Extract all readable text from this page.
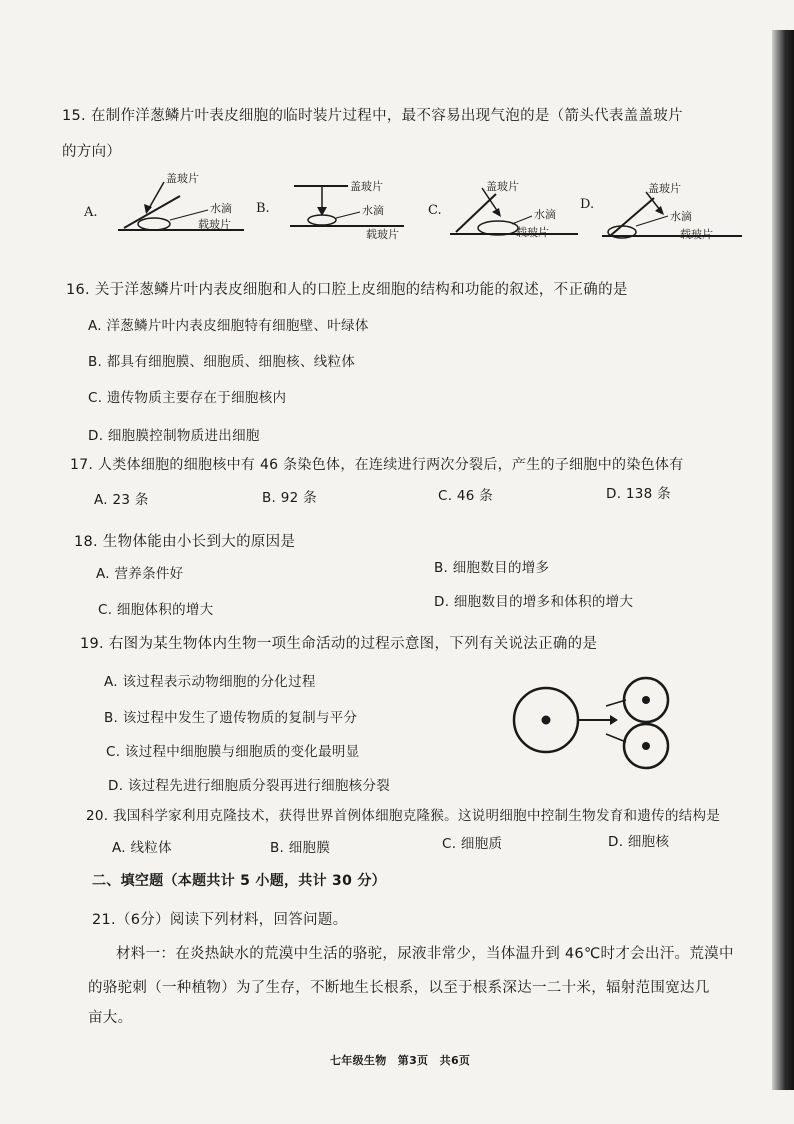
15. 在制作洋葱鳞片叶表皮细胞的临时装片过程中，最不容易出现气泡的是（箭头代表盖盖玻片
的方向）
A.
盖玻片
水滴
载玻片
B.
盖玻片
水滴
载玻片
C.
盖玻片
水滴
载玻片
D.
盖玻片
水滴
载玻片
16. 关于洋葱鳞片叶内表皮细胞和人的口腔上皮细胞的结构和功能的叙述，不正确的是
A. 洋葱鳞片叶内表皮细胞特有细胞壁、叶绿体
B. 都具有细胞膜、细胞质、细胞核、线粒体
C. 遗传物质主要存在于细胞核内
D. 细胞膜控制物质进出细胞
17. 人类体细胞的细胞核中有 46 条染色体，在连续进行两次分裂后，产生的子细胞中的染色体有
A. 23 条	B. 92 条	C. 46 条	D. 138 条
18. 生物体能由小长到大的原因是
A. 营养条件好	B. 细胞数目的增多
C. 细胞体积的增大	D. 细胞数目的增多和体积的增大
19. 右图为某生物体内生物一项生命活动的过程示意图，下列有关说法正确的是
A. 该过程表示动物细胞的分化过程
B. 该过程中发生了遗传物质的复制与平分
C. 该过程中细胞膜与细胞质的变化最明显
D. 该过程先进行细胞质分裂再进行细胞核分裂
20. 我国科学家利用克隆技术，获得世界首例体细胞克隆猴。这说明细胞中控制生物发育和遗传的结构是
A. 线粒体	B. 细胞膜	C. 细胞质	D. 细胞核
二、填空题（本题共计 5 小题，共计 30 分）
21.（6分）阅读下列材料，回答问题。
材料一：在炎热缺水的荒漠中生活的骆驼，尿液非常少，当体温升到 46℃时才会出汗。荒漠中
的骆驼刺（一种植物）为了生存，不断地生长根系，以至于根系深达一二十米，辐射范围宽达几
亩大。
七年级生物　第3页　共6页
